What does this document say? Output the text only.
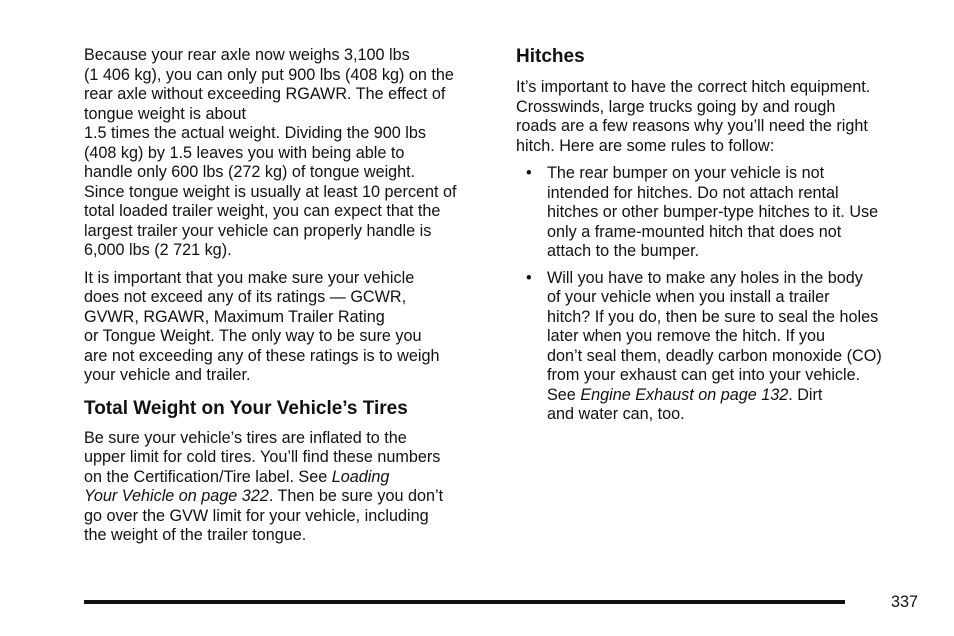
Because your rear axle now weighs 3,100 lbs
(1 406 kg), you can only put 900 lbs (408 kg) on the
rear axle without exceeding RGAWR. The effect of
tongue weight is about
1.5 times the actual weight. Dividing the 900 lbs
(408 kg) by 1.5 leaves you with being able to
handle only 600 lbs (272 kg) of tongue weight.
Since tongue weight is usually at least 10 percent of
total loaded trailer weight, you can expect that the
largest trailer your vehicle can properly handle is
6,000 lbs (2 721 kg).

It is important that you make sure your vehicle
does not exceed any of its ratings — GCWR,
GVWR, RGAWR, Maximum Trailer Rating
or Tongue Weight. The only way to be sure you
are not exceeding any of these ratings is to weigh
your vehicle and trailer.

Total Weight on Your Vehicle’s Tires

Be sure your vehicle’s tires are inflated to the
upper limit for cold tires. You’ll find these numbers
on the Certification/Tire label. See Loading
Your Vehicle on page 322. Then be sure you don’t
go over the GVW limit for your vehicle, including
the weight of the trailer tongue.

Hitches

It’s important to have the correct hitch equipment.
Crosswinds, large trucks going by and rough
roads are a few reasons why you’ll need the right
hitch. Here are some rules to follow:

• The rear bumper on your vehicle is not
intended for hitches. Do not attach rental
hitches or other bumper-type hitches to it. Use
only a frame-mounted hitch that does not
attach to the bumper.

• Will you have to make any holes in the body
of your vehicle when you install a trailer
hitch? If you do, then be sure to seal the holes
later when you remove the hitch. If you
don’t seal them, deadly carbon monoxide (CO)
from your exhaust can get into your vehicle.
See Engine Exhaust on page 132. Dirt
and water can, too.

337
